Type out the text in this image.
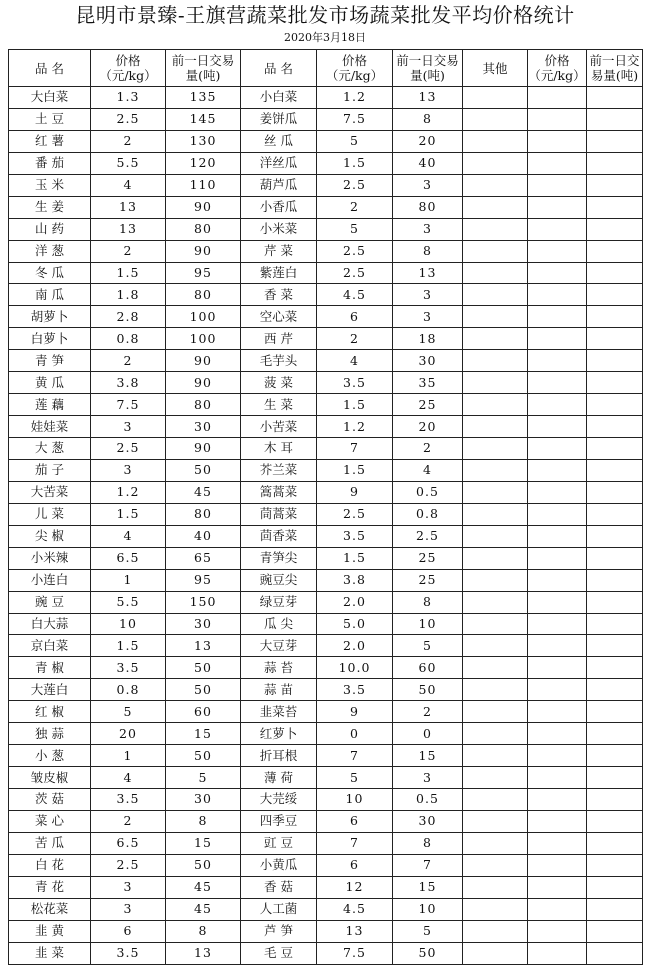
昆明市景臻-王旗营蔬菜批发市场蔬菜批发平均价格统计
2020年3月18日
品 名	价格（元/kg）	前一日交易量(吨)	品 名	价格（元/kg）	前一日交易量(吨)	其他	价格（元/kg）	前一日交易量(吨)
大白菜	1.3	135	小白菜	1.2	13			
土 豆	2.5	145	姜饼瓜	7.5	8			
红 薯	2	130	丝 瓜	5	20			
番 茄	5.5	120	洋丝瓜	1.5	40			
玉 米	4	110	葫芦瓜	2.5	3			
生 姜	13	90	小香瓜	2	80			
山 药	13	80	小米菜	5	3			
洋 葱	2	90	芹 菜	2.5	8			
冬 瓜	1.5	95	紫莲白	2.5	13			
南 瓜	1.8	80	香 菜	4.5	3			
胡萝卜	2.8	100	空心菜	6	3			
白萝卜	0.8	100	西 芹	2	18			
青 笋	2	90	毛芋头	4	30			
黄 瓜	3.8	90	菠 菜	3.5	35			
莲 藕	7.5	80	生 菜	1.5	25			
娃娃菜	3	30	小苦菜	1.2	20			
大 葱	2.5	90	木 耳	7	2			
茄 子	3	50	芥兰菜	1.5	4			
大苦菜	1.2	45	篙蒿菜	9	0.5			
儿 菜	1.5	80	茼蒿菜	2.5	0.8			
尖 椒	4	40	茴香菜	3.5	2.5			
小米辣	6.5	65	青笋尖	1.5	25			
小连白	1	95	豌豆尖	3.8	25			
豌 豆	5.5	150	绿豆芽	2.0	8			
白大蒜	10	30	瓜 尖	5.0	10			
京白菜	1.5	13	大豆芽	2.0	5			
青 椒	3.5	50	蒜 苔	10.0	60			
大莲白	0.8	50	蒜 苗	3.5	50			
红 椒	5	60	韭菜苔	9	2			
独 蒜	20	15	红萝卜	0	0			
小 葱	1	50	折耳根	7	15			
皱皮椒	4	5	薄 荷	5	3			
茨 菇	3.5	30	大芫绥	10	0.5			
菜 心	2	8	四季豆	6	30			
苦 瓜	6.5	15	豇 豆	7	8			
白 花	2.5	50	小黄瓜	6	7			
青 花	3	45	香 菇	12	15			
松花菜	3	45	人工菌	4.5	10			
韭 黄	6	8	芦 笋	13	5			
韭 菜	3.5	13	毛 豆	7.5	50			
